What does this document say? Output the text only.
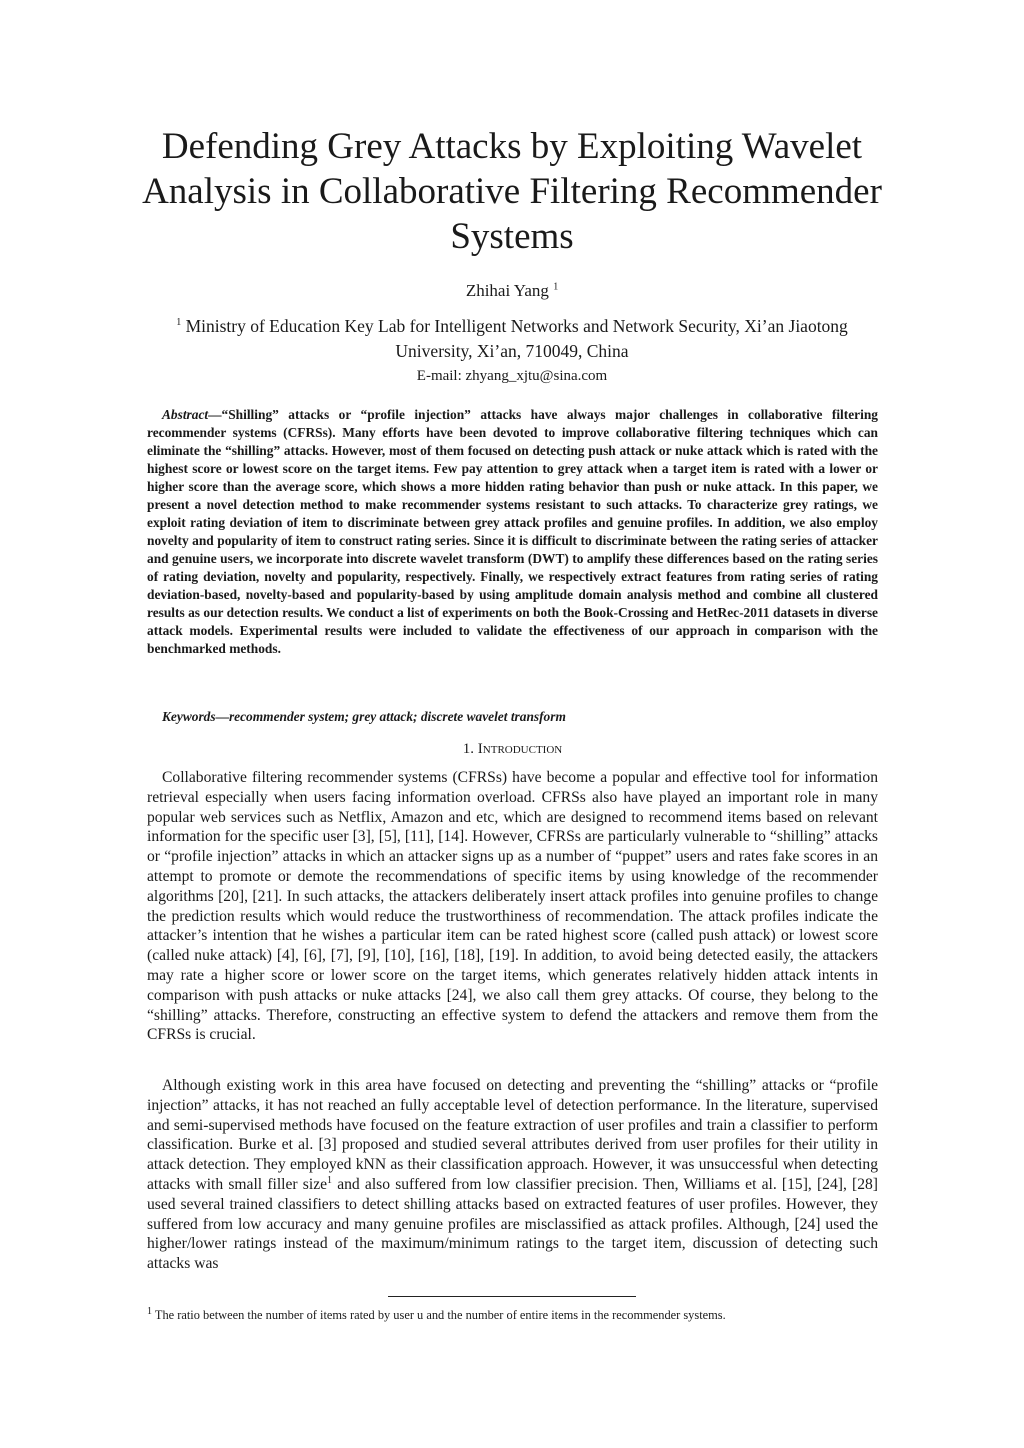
Defending Grey Attacks by Exploiting Wavelet Analysis in Collaborative Filtering Recommender Systems
Zhihai Yang $^1$
$^1$ Ministry of Education Key Lab for Intelligent Networks and Network Security, Xi’an Jiaotong University, Xi’an, 710049, China
E-mail: zhyang_xjtu@sina.com

Abstract—“Shilling” attacks or “profile injection” attacks have always major challenges in collaborative filtering recommender systems (CFRSs). Many efforts have been devoted to improve collaborative filtering techniques which can eliminate the “shilling” attacks. However, most of them focused on detecting push attack or nuke attack which is rated with the highest score or lowest score on the target items. Few pay attention to grey attack when a target item is rated with a lower or higher score than the average score, which shows a more hidden rating behavior than push or nuke attack. In this paper, we present a novel detection method to make recommender systems resistant to such attacks. To characterize grey ratings, we exploit rating deviation of item to discriminate between grey attack profiles and genuine profiles. In addition, we also employ novelty and popularity of item to construct rating series. Since it is difficult to discriminate between the rating series of attacker and genuine users, we incorporate into discrete wavelet transform (DWT) to amplify these differences based on the rating series of rating deviation, novelty and popularity, respectively. Finally, we respectively extract features from rating series of rating deviation-based, novelty-based and popularity-based by using amplitude domain analysis method and combine all clustered results as our detection results. We conduct a list of experiments on both the Book-Crossing and HetRec-2011 datasets in diverse attack models. Experimental results were included to validate the effectiveness of our approach in comparison with the benchmarked methods.

Keywords—recommender system; grey attack; discrete wavelet transform
1. Introduction

Collaborative filtering recommender systems (CFRSs) have become a popular and effective tool for information retrieval especially when users facing information overload. CFRSs also have played an important role in many popular web services such as Netflix, Amazon and etc, which are designed to recommend items based on relevant information for the specific user [3], [5], [11], [14]. However, CFRSs are particularly vulnerable to “shilling” attacks or “profile injection” attacks in which an attacker signs up as a number of “puppet” users and rates fake scores in an attempt to promote or demote the recommendations of specific items by using knowledge of the recommender algorithms [20], [21]. In such attacks, the attackers deliberately insert attack profiles into genuine profiles to change the prediction results which would reduce the trustworthiness of recommendation. The attack profiles indicate the attacker’s intention that he wishes a particular item can be rated highest score (called push attack) or lowest score (called nuke attack) [4], [6], [7], [9], [10], [16], [18], [19]. In addition, to avoid being detected easily, the attackers may rate a higher score or lower score on the target items, which generates relatively hidden attack intents in comparison with push attacks or nuke attacks [24], we also call them grey attacks. Of course, they belong to the “shilling” attacks. Therefore, constructing an effective system to defend the attackers and remove them from the CFRSs is crucial.

Although existing work in this area have focused on detecting and preventing the “shilling” attacks or “profile injection” attacks, it has not reached an fully acceptable level of detection performance. In the literature, supervised and semi-supervised methods have focused on the feature extraction of user profiles and train a classifier to perform classification. Burke et al. [3] proposed and studied several attributes derived from user profiles for their utility in attack detection. They employed kNN as their classification approach. However, it was unsuccessful when detecting attacks with small filler size$^1$ and also suffered from low classifier precision. Then, Williams et al. [15], [24], [28] used several trained classifiers to detect shilling attacks based on extracted features of user profiles. However, they suffered from low accuracy and many genuine profiles are misclassified as attack profiles. Although, [24] used the higher/lower ratings instead of the maximum/minimum ratings to the target item, discussion of detecting such attacks was

$^1$ The ratio between the number of items rated by user u and the number of entire items in the recommender systems.
